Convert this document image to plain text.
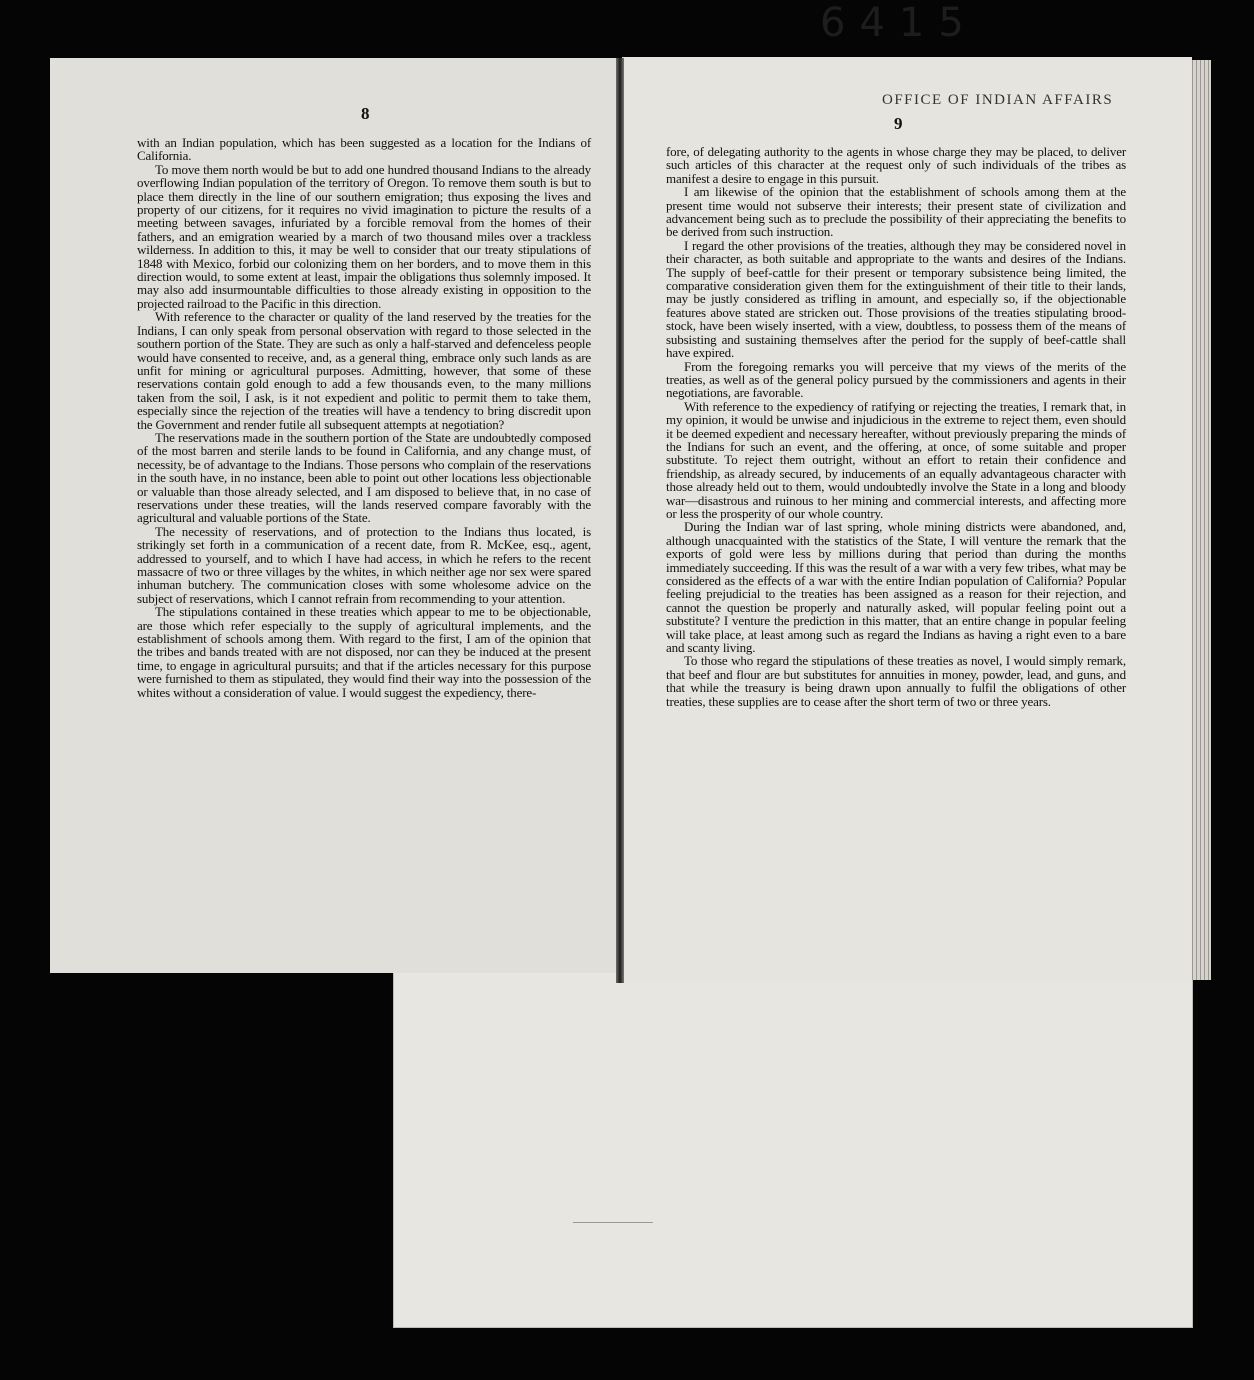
6415
OFFICE OF INDIAN AFFAIRS
8
9

with an Indian population, which has been suggested as a location for the Indians of California.

To move them north would be but to add one hundred thousand Indians to the already overflowing Indian population of the territory of Oregon. To remove them south is but to place them directly in the line of our southern emigration; thus exposing the lives and property of our citizens, for it requires no vivid imagination to picture the results of a meeting between savages, infuriated by a forcible removal from the homes of their fathers, and an emigration wearied by a march of two thousand miles over a trackless wilderness. In addition to this, it may be well to consider that our treaty stipulations of 1848 with Mexico, forbid our colonizing them on her borders, and to move them in this direction would, to some extent at least, impair the obligations thus solemnly imposed. It may also add insurmountable difficulties to those already existing in opposition to the projected railroad to the Pacific in this direction.

With reference to the character or quality of the land reserved by the treaties for the Indians, I can only speak from personal observation with regard to those selected in the southern portion of the State. They are such as only a half-starved and defenceless people would have consented to receive, and, as a general thing, embrace only such lands as are unfit for mining or agricultural purposes. Admitting, however, that some of these reservations contain gold enough to add a few thousands even, to the many millions taken from the soil, I ask, is it not expedient and politic to permit them to take them, especially since the rejection of the treaties will have a tendency to bring discredit upon the Government and render futile all subsequent attempts at negotiation?

The reservations made in the southern portion of the State are undoubtedly composed of the most barren and sterile lands to be found in California, and any change must, of necessity, be of advantage to the Indians. Those persons who complain of the reservations in the south have, in no instance, been able to point out other locations less objectionable or valuable than those already selected, and I am disposed to believe that, in no case of reservations under these treaties, will the lands reserved compare favorably with the agricultural and valuable portions of the State.

The necessity of reservations, and of protection to the Indians thus located, is strikingly set forth in a communication of a recent date, from R. McKee, esq., agent, addressed to yourself, and to which I have had access, in which he refers to the recent massacre of two or three villages by the whites, in which neither age nor sex were spared inhuman butchery. The communication closes with some wholesome advice on the subject of reservations, which I cannot refrain from recommending to your attention.

The stipulations contained in these treaties which appear to me to be objectionable, are those which refer especially to the supply of agricultural implements, and the establishment of schools among them. With regard to the first, I am of the opinion that the tribes and bands treated with are not disposed, nor can they be induced at the present time, to engage in agricultural pursuits; and that if the articles necessary for this purpose were furnished to them as stipulated, they would find their way into the possession of the whites without a consideration of value. I would suggest the expediency, there-

fore, of delegating authority to the agents in whose charge they may be placed, to deliver such articles of this character at the request only of such individuals of the tribes as manifest a desire to engage in this pursuit.

I am likewise of the opinion that the establishment of schools among them at the present time would not subserve their interests; their present state of civilization and advancement being such as to preclude the possibility of their appreciating the benefits to be derived from such instruction.

I regard the other provisions of the treaties, although they may be considered novel in their character, as both suitable and appropriate to the wants and desires of the Indians. The supply of beef-cattle for their present or temporary subsistence being limited, the comparative consideration given them for the extinguishment of their title to their lands, may be justly considered as trifling in amount, and especially so, if the objectionable features above stated are stricken out. Those provisions of the treaties stipulating brood-stock, have been wisely inserted, with a view, doubtless, to possess them of the means of subsisting and sustaining themselves after the period for the supply of beef-cattle shall have expired.

From the foregoing remarks you will perceive that my views of the merits of the treaties, as well as of the general policy pursued by the commissioners and agents in their negotiations, are favorable.

With reference to the expediency of ratifying or rejecting the treaties, I remark that, in my opinion, it would be unwise and injudicious in the extreme to reject them, even should it be deemed expedient and necessary hereafter, without previously preparing the minds of the Indians for such an event, and the offering, at once, of some suitable and proper substitute. To reject them outright, without an effort to retain their confidence and friendship, as already secured, by inducements of an equally advantageous character with those already held out to them, would undoubtedly involve the State in a long and bloody war—disastrous and ruinous to her mining and commercial interests, and affecting more or less the prosperity of our whole country.

During the Indian war of last spring, whole mining districts were abandoned, and, although unacquainted with the statistics of the State, I will venture the remark that the exports of gold were less by millions during that period than during the months immediately succeeding. If this was the result of a war with a very few tribes, what may be considered as the effects of a war with the entire Indian population of California? Popular feeling prejudicial to the treaties has been assigned as a reason for their rejection, and cannot the question be properly and naturally asked, will popular feeling point out a substitute? I venture the prediction in this matter, that an entire change in popular feeling will take place, at least among such as regard the Indians as having a right even to a bare and scanty living.

To those who regard the stipulations of these treaties as novel, I would simply remark, that beef and flour are but substitutes for annuities in money, powder, lead, and guns, and that while the treasury is being drawn upon annually to fulfil the obligations of other treaties, these supplies are to cease after the short term of two or three years.
